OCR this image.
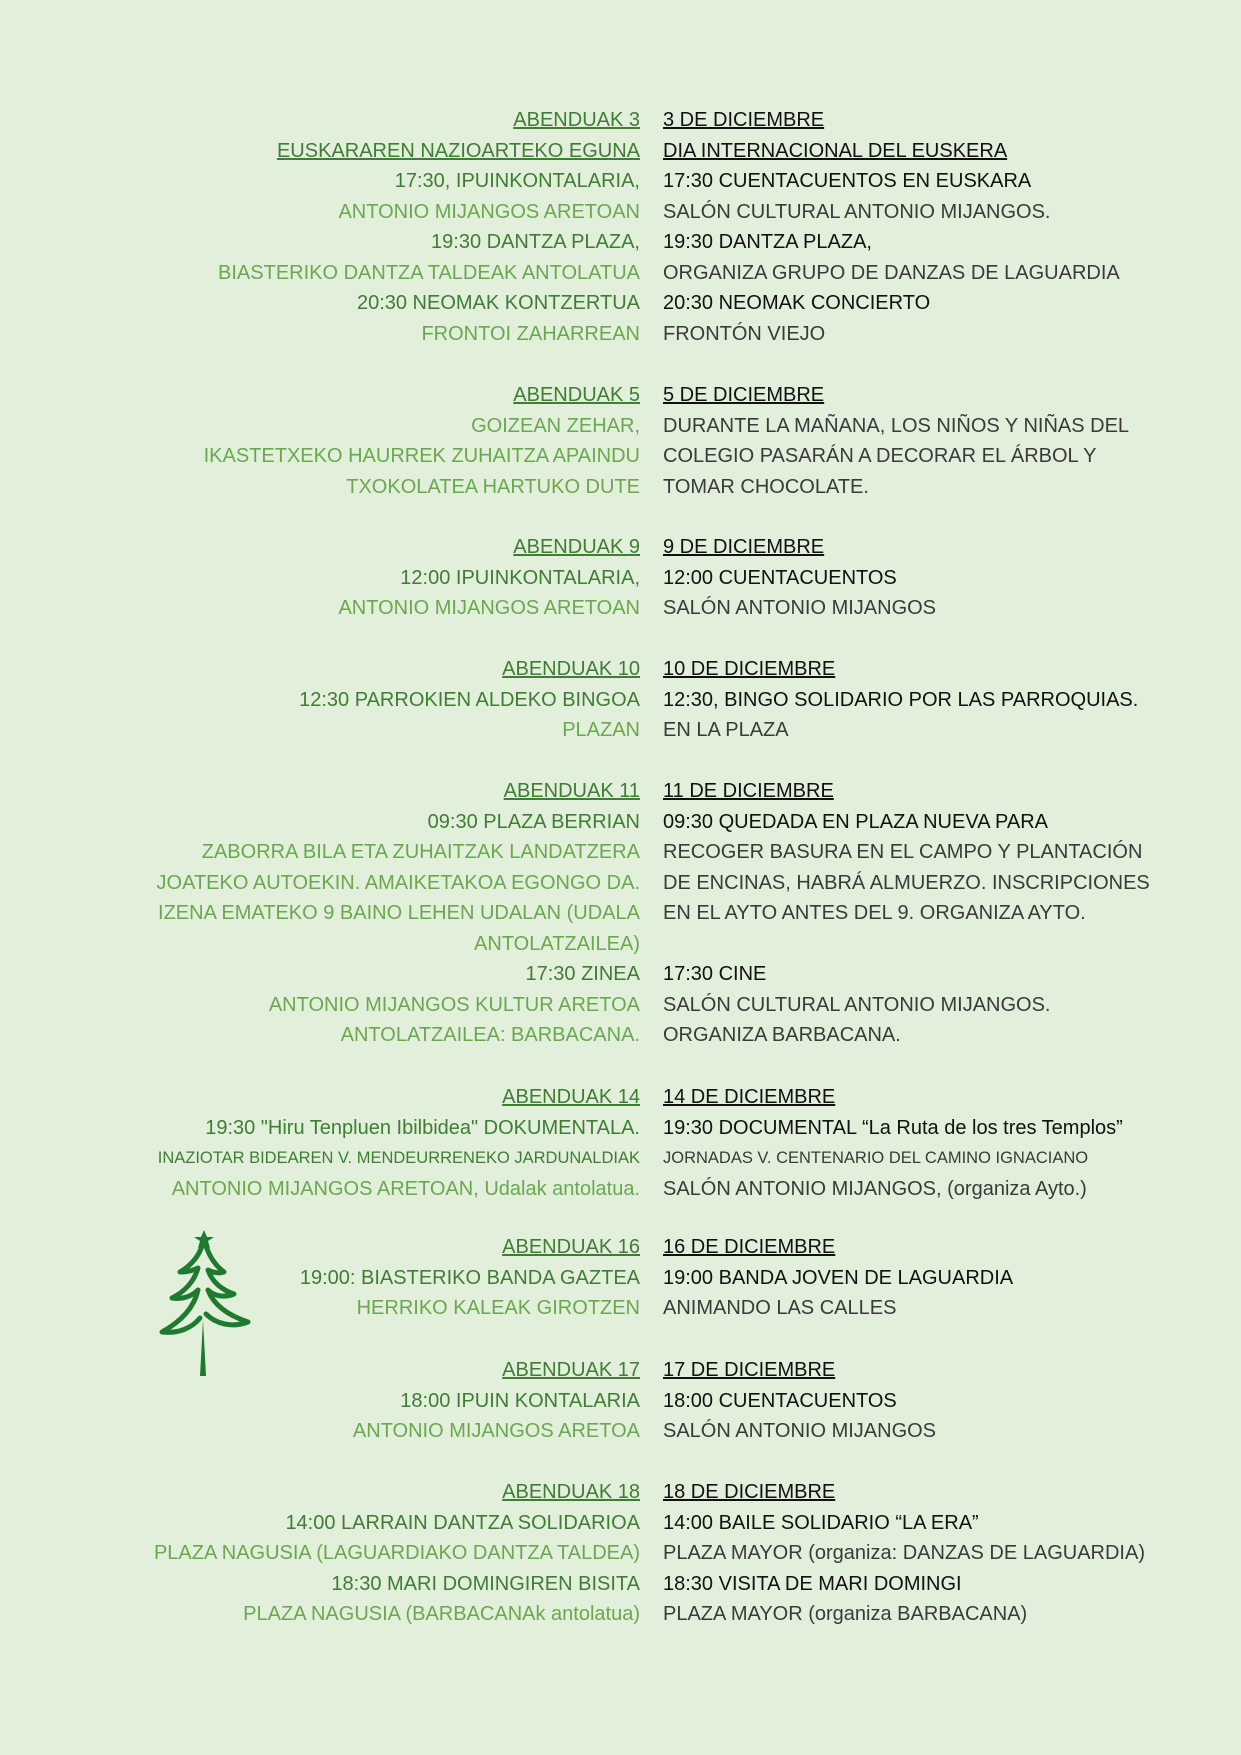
ABENDUAK 3 3 DE DICIEMBRE
EUSKARAREN NAZIOARTEKO EGUNA DIA INTERNACIONAL DEL EUSKERA
17:30, IPUINKONTALARIA, 17:30 CUENTACUENTOS EN EUSKARA
ANTONIO MIJANGOS ARETOAN SALÓN CULTURAL ANTONIO MIJANGOS.
19:30 DANTZA PLAZA, 19:30 DANTZA PLAZA,
BIASTERIKO DANTZA TALDEAK ANTOLATUA ORGANIZA GRUPO DE DANZAS DE LAGUARDIA
20:30 NEOMAK KONTZERTUA 20:30 NEOMAK CONCIERTO
FRONTOI ZAHARREAN FRONTÓN VIEJO
ABENDUAK 5 5 DE DICIEMBRE
GOIZEAN ZEHAR, DURANTE LA MAÑANA, LOS NIÑOS Y NIÑAS DEL
IKASTETXEKO HAURREK ZUHAITZA APAINDU COLEGIO PASARÁN A DECORAR EL ÁRBOL Y
TXOKOLATEA HARTUKO DUTE TOMAR CHOCOLATE.
ABENDUAK 9 9 DE DICIEMBRE
12:00 IPUINKONTALARIA, 12:00 CUENTACUENTOS
ANTONIO MIJANGOS ARETOAN SALÓN ANTONIO MIJANGOS
ABENDUAK 10 10 DE DICIEMBRE
12:30 PARROKIEN ALDEKO BINGOA 12:30, BINGO SOLIDARIO POR LAS PARROQUIAS.
PLAZAN EN LA PLAZA
ABENDUAK 11 11 DE DICIEMBRE
09:30 PLAZA BERRIAN 09:30 QUEDADA EN PLAZA NUEVA PARA
ZABORRA BILA ETA ZUHAITZAK LANDATZERA RECOGER BASURA EN EL CAMPO Y PLANTACIÓN
JOATEKO AUTOEKIN. AMAIKETAKOA EGONGO DA. DE ENCINAS, HABRÁ ALMUERZO. INSCRIPCIONES
IZENA EMATEKO 9 BAINO LEHEN UDALAN (UDALA EN EL AYTO ANTES DEL 9. ORGANIZA AYTO.
ANTOLATZAILEA)
17:30 ZINEA 17:30 CINE
ANTONIO MIJANGOS KULTUR ARETOA SALÓN CULTURAL ANTONIO MIJANGOS.
ANTOLATZAILEA: BARBACANA. ORGANIZA BARBACANA.
ABENDUAK 14 14 DE DICIEMBRE
19:30 "Hiru Tenpluen Ibilbidea" DOKUMENTALA. 19:30 DOCUMENTAL “La Ruta de los tres Templos”
INAZIOTAR BIDEAREN V. MENDEURRENEKO JARDUNALDIAK JORNADAS V. CENTENARIO DEL CAMINO IGNACIANO
ANTONIO MIJANGOS ARETOAN, Udalak antolatua. SALÓN ANTONIO MIJANGOS, (organiza Ayto.)
ABENDUAK 16 16 DE DICIEMBRE
19:00: BIASTERIKO BANDA GAZTEA 19:00 BANDA JOVEN DE LAGUARDIA
HERRIKO KALEAK GIROTZEN ANIMANDO LAS CALLES
ABENDUAK 17 17 DE DICIEMBRE
18:00 IPUIN KONTALARIA 18:00 CUENTACUENTOS
ANTONIO MIJANGOS ARETOA SALÓN ANTONIO MIJANGOS
ABENDUAK 18 18 DE DICIEMBRE
14:00 LARRAIN DANTZA SOLIDARIOA 14:00 BAILE SOLIDARIO “LA ERA”
PLAZA NAGUSIA (LAGUARDIAKO DANTZA TALDEA) PLAZA MAYOR (organiza: DANZAS DE LAGUARDIA)
18:30 MARI DOMINGIREN BISITA 18:30 VISITA DE MARI DOMINGI
PLAZA NAGUSIA (BARBACANAk antolatua) PLAZA MAYOR (organiza BARBACANA)
